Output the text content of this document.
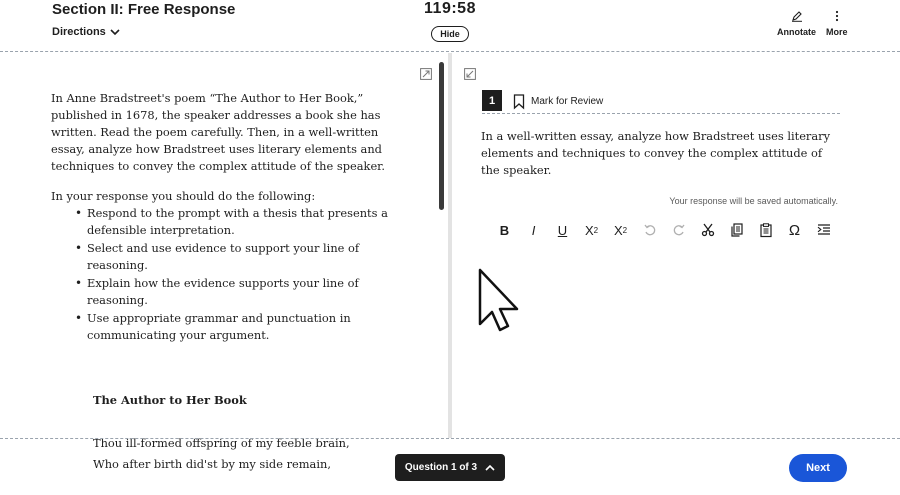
Section II: Free Response
Directions
119:58
Hide	Annotate More

In Anne Bradstreet's poem “The Author to Her Book,” published in 1678, the speaker addresses a book she has written. Read the poem carefully. Then, in a well-written essay, analyze how Bradstreet uses literary elements and techniques to convey the complex attitude of the speaker.

In your response you should do the following:

• Respond to the prompt with a thesis that presents a defensible interpretation.
• Select and use evidence to support your line of reasoning.
• Explain how the evidence supports your line of reasoning.
• Use appropriate grammar and punctuation in communicating your argument.
The Author to Her Book
Thou ill-formed offspring of my feeble brain,
Who after birth did'st by my side remain,
1	Mark for Review
In a well-written essay, analyze how Bradstreet uses literary elements and techniques to convey the complex attitude of the speaker.
Your response will be saved automatically.
B	I U X 2 X 2	Ω
Question 1 of 3	Next
